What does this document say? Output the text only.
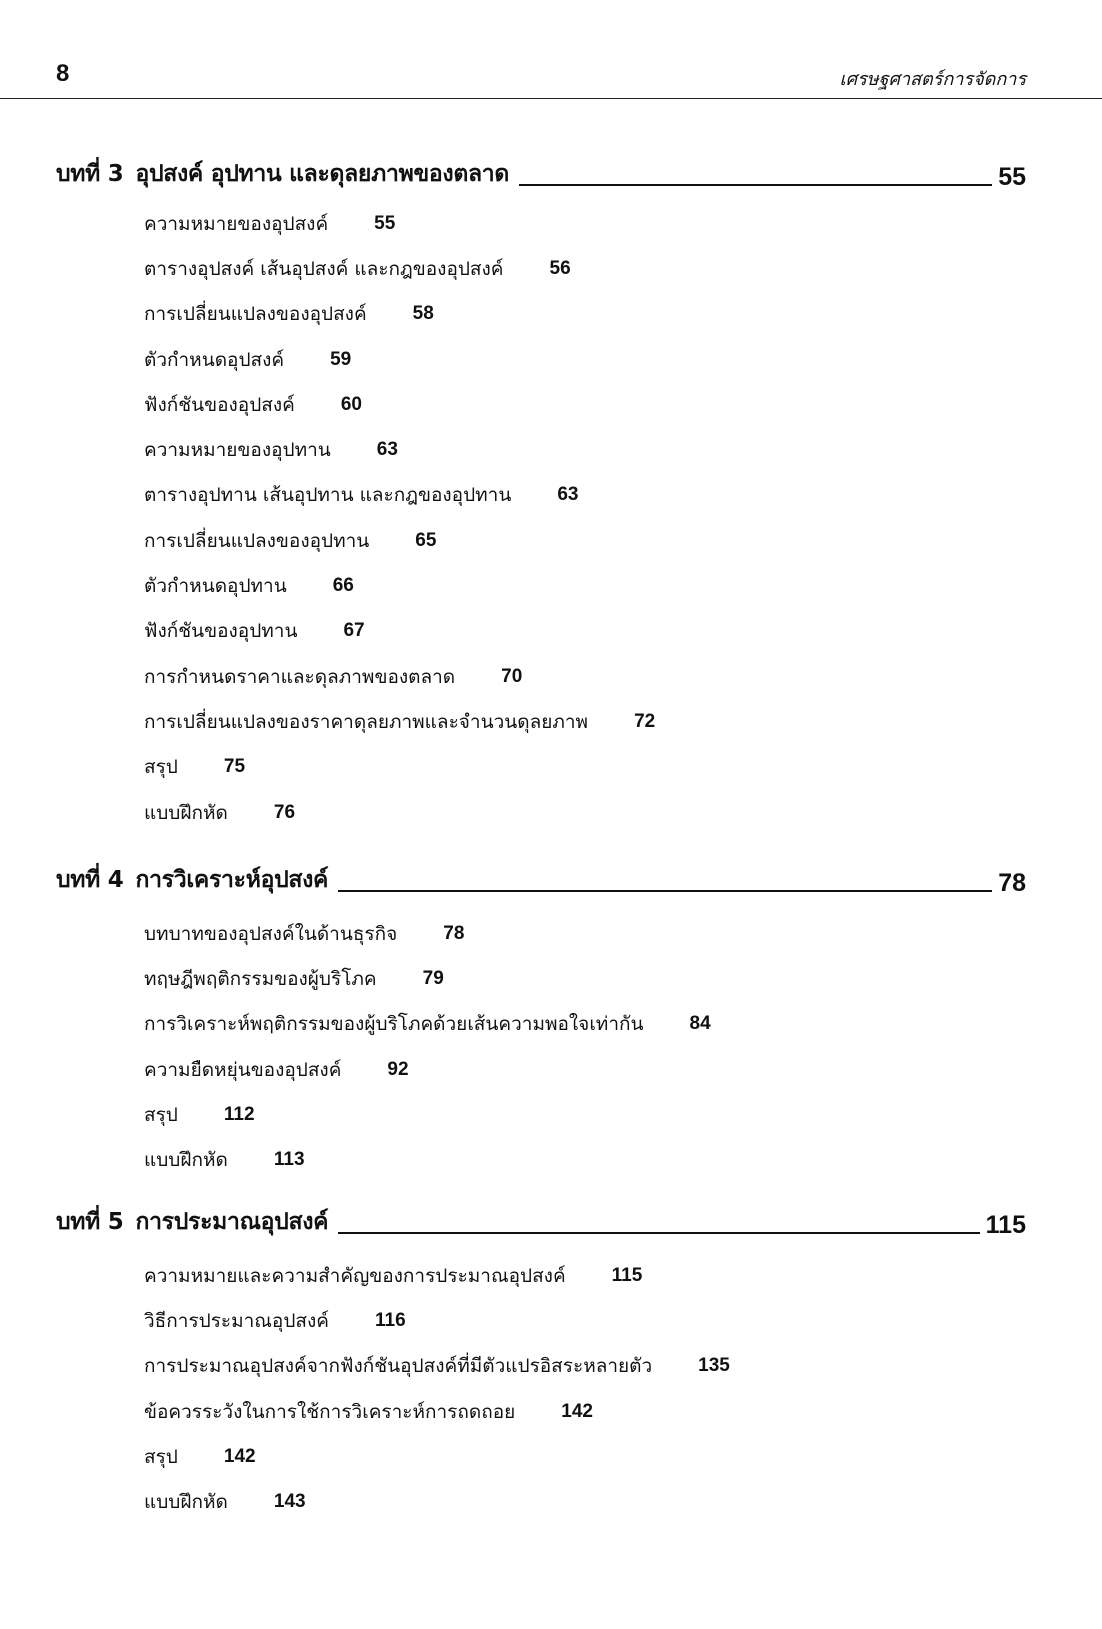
8	เศรษฐศาสตร์การจัดการ
บทที่ 3 อุปสงค์ อุปทาน และดุลยภาพของตลาด	55
ความหมายของอุปสงค์ 55
ตารางอุปสงค์ เส้นอุปสงค์ และกฎของอุปสงค์ 56
การเปลี่ยนแปลงของอุปสงค์ 58
ตัวกำหนดอุปสงค์ 59
ฟังก์ชันของอุปสงค์ 60
ความหมายของอุปทาน 63
ตารางอุปทาน เส้นอุปทาน และกฎของอุปทาน 63
การเปลี่ยนแปลงของอุปทาน 65
ตัวกำหนดอุปทาน 66
ฟังก์ชันของอุปทาน 67
การกำหนดราคาและดุลภาพของตลาด 70
การเปลี่ยนแปลงของราคาดุลยภาพและจำนวนดุลยภาพ 72
สรุป 75
แบบฝึกหัด 76
บทที่ 4 การวิเคราะห์อุปสงค์	78
บทบาทของอุปสงค์ในด้านธุรกิจ 78
ทฤษฎีพฤติกรรมของผู้บริโภค 79
การวิเคราะห์พฤติกรรมของผู้บริโภคด้วยเส้นความพอใจเท่ากัน 84
ความยืดหยุ่นของอุปสงค์ 92
สรุป 112
แบบฝึกหัด 113
บทที่ 5 การประมาณอุปสงค์	115
ความหมายและความสำคัญของการประมาณอุปสงค์ 115
วิธีการประมาณอุปสงค์ 116
การประมาณอุปสงค์จากฟังก์ชันอุปสงค์ที่มีตัวแปรอิสระหลายตัว 135
ข้อควรระวังในการใช้การวิเคราะห์การถดถอย 142
สรุป 142
แบบฝึกหัด 143
